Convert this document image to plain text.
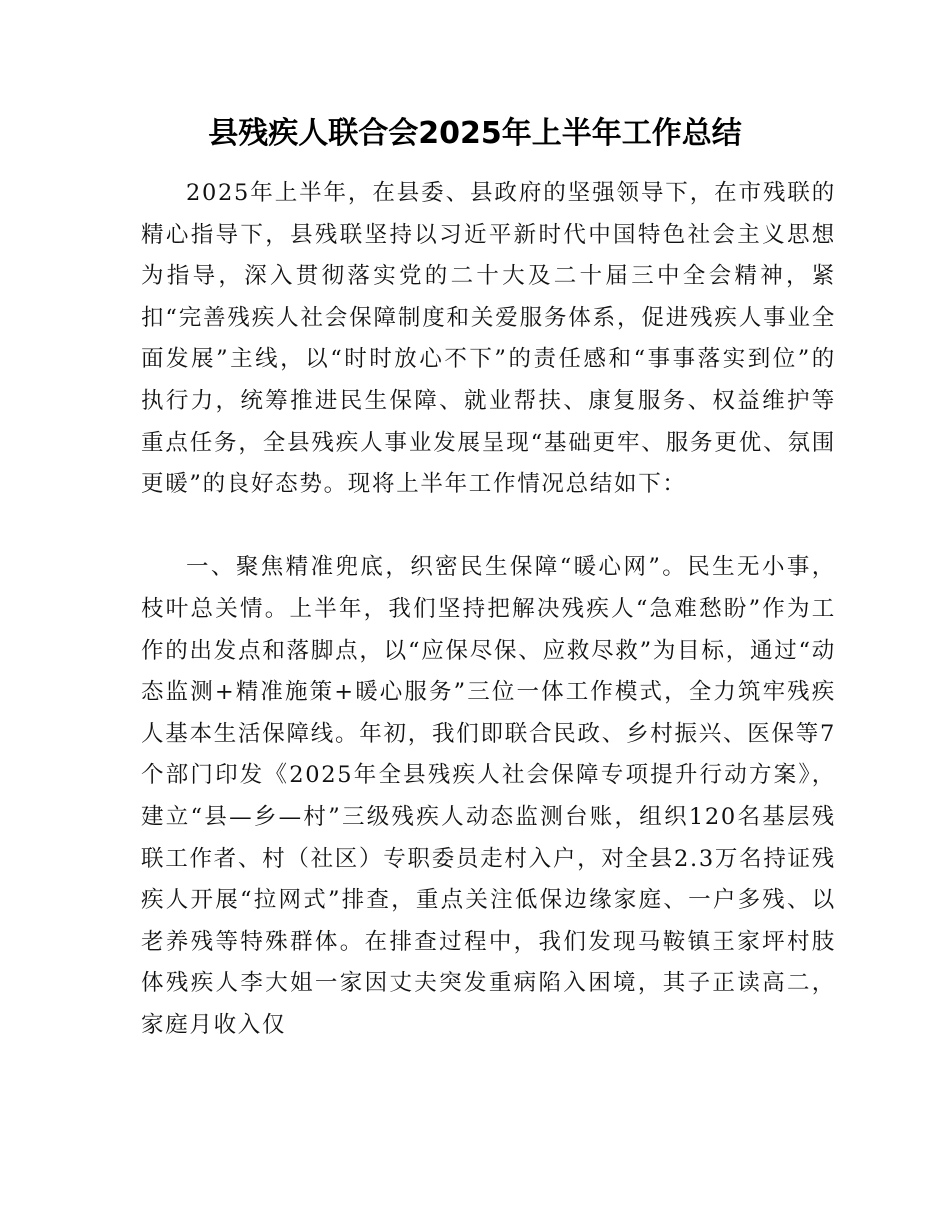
县残疾人联合会2025年上半年工作总结

2025年上半年，在县委、县政府的坚强领导下，在市残联的精心指导下，县残联坚持以习近平新时代中国特色社会主义思想为指导，深入贯彻落实党的二十大及二十届三中全会精神，紧扣“完善残疾人社会保障制度和关爱服务体系，促进残疾人事业全面发展”主线，以“时时放心不下”的责任感和“事事落实到位”的执行力，统筹推进民生保障、就业帮扶、康复服务、权益维护等重点任务，全县残疾人事业发展呈现“基础更牢、服务更优、氛围更暖”的良好态势。现将上半年工作情况总结如下：

一、聚焦精准兜底，织密民生保障“暖心网”。民生无小事，枝叶总关情。上半年，我们坚持把解决残疾人“急难愁盼”作为工作的出发点和落脚点，以“应保尽保、应救尽救”为目标，通过“动态监测+精准施策+暖心服务”三位一体工作模式，全力筑牢残疾人基本生活保障线。年初，我们即联合民政、乡村振兴、医保等7个部门印发《2025年全县残疾人社会保障专项提升行动方案》，建立“县—乡—村”三级残疾人动态监测台账，组织120名基层残联工作者、村（社区）专职委员走村入户，对全县2.3万名持证残疾人开展“拉网式”排查，重点关注低保边缘家庭、一户多残、以老养残等特殊群体。在排查过程中，我们发现马鞍镇王家坪村肢体残疾人李大姐一家因丈夫突发重病陷入困境，其子正读高二，家庭月收入仅
